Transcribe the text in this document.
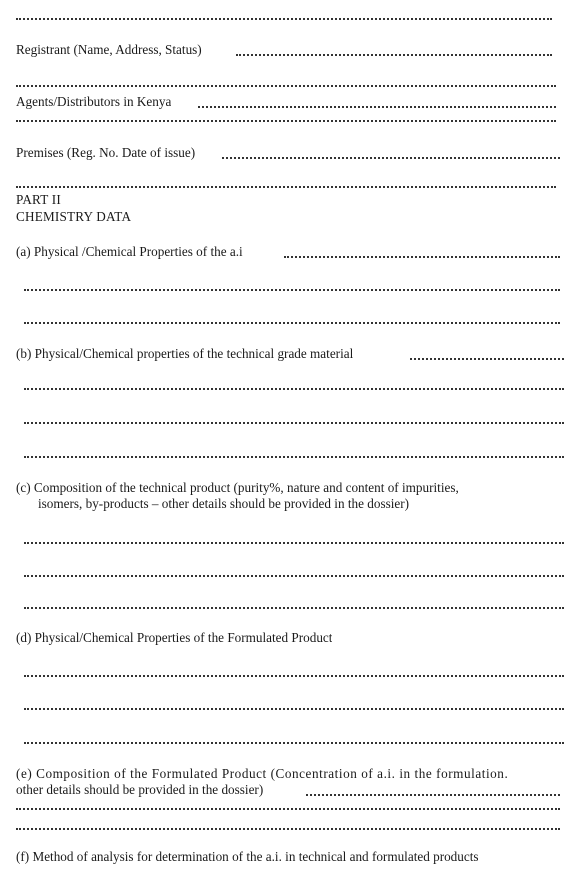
Registrant (Name, Address, Status)
Agents/Distributors in Kenya
Premises (Reg. No. Date of issue)
PART II
CHEMISTRY DATA
(a) Physical /Chemical Properties of the a.i
(b) Physical/Chemical properties of the technical grade material
(c) Composition of the technical product (purity%, nature and content of impurities,
isomers, by-products – other details should be provided in the dossier)
(d) Physical/Chemical Properties of the Formulated Product
(e) Composition of the Formulated Product (Concentration of a.i. in the formulation.
other details should be provided in the dossier)
(f) Method of analysis for determination of the a.i. in technical and formulated products
